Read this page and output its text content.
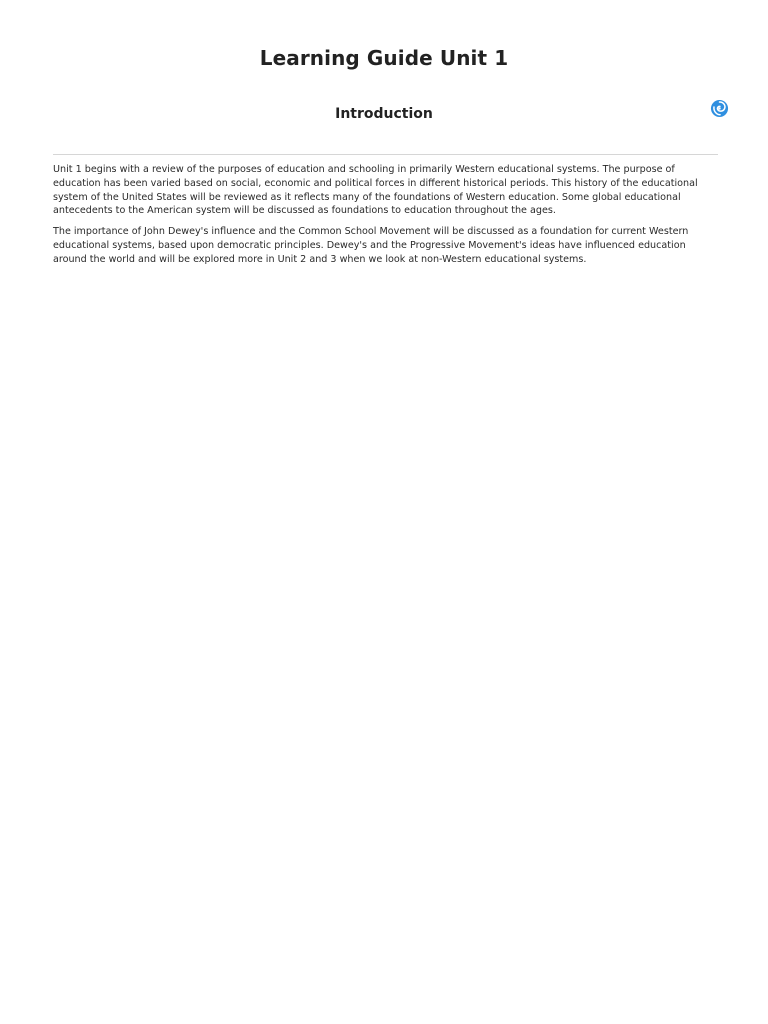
Learning Guide Unit 1
Introduction

Unit 1 begins with a review of the purposes of education and schooling in primarily Western educational systems. The purpose of education has been varied based on social, economic and political forces in different historical periods. This history of the educational system of the United States will be reviewed as it reflects many of the foundations of Western education. Some global educational antecedents to the American system will be discussed as foundations to education throughout the ages.

The importance of John Dewey's influence and the Common School Movement will be discussed as a foundation for current Western educational systems, based upon democratic principles. Dewey's and the Progressive Movement's ideas have influenced education around the world and will be explored more in Unit 2 and 3 when we look at non-Western educational systems.
